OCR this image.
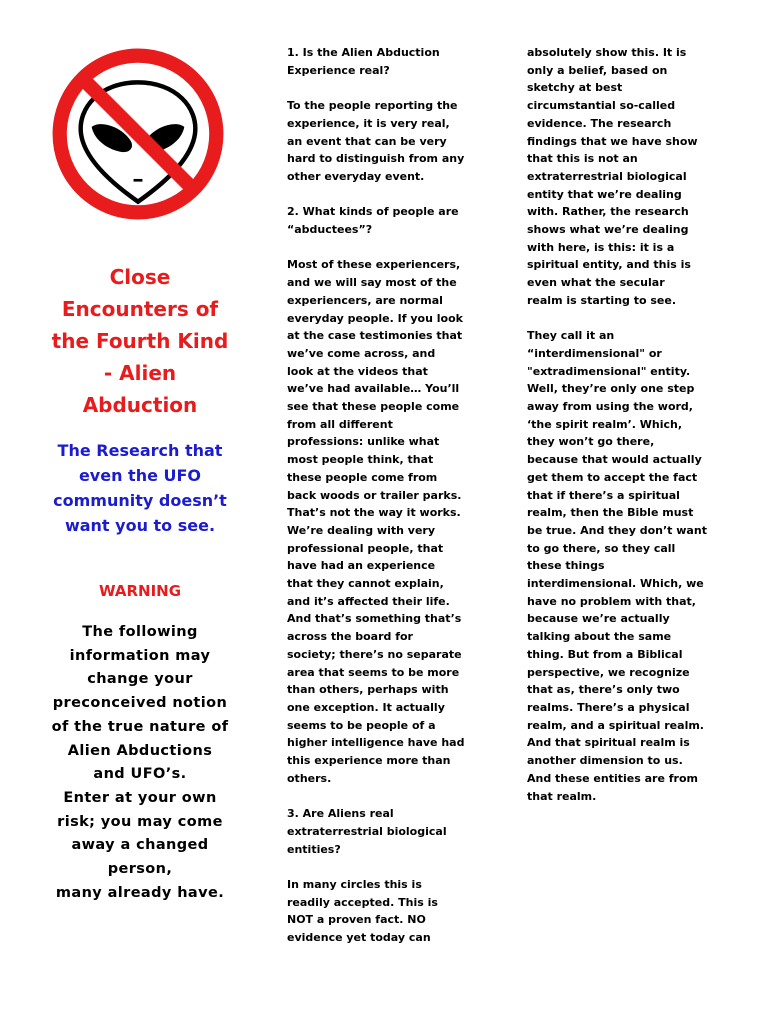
Close
Encounters of
the Fourth Kind
- Alien
Abduction
The Research that
even the UFO
community doesn’t
want you to see.
WARNING
The following
information may
change your
preconceived notion
of the true nature of
Alien Abductions
and UFO’s.
Enter at your own
risk; you may come
away a changed
person,
many already have.
1. Is the Alien Abduction
Experience real?
To the people reporting the
experience, it is very real,
an event that can be very
hard to distinguish from any
other everyday event.
2. What kinds of people are
“abductees”?
Most of these experiencers,
and we will say most of the
experiencers, are normal
everyday people. If you look
at the case testimonies that
we’ve come across, and
look at the videos that
we’ve had available… You’ll
see that these people come
from all different
professions: unlike what
most people think, that
these people come from
back woods or trailer parks.
That’s not the way it works.
We’re dealing with very
professional people, that
have had an experience
that they cannot explain,
and it’s affected their life.
And that’s something that’s
across the board for
society; there’s no separate
area that seems to be more
than others, perhaps with
one exception. It actually
seems to be people of a
higher intelligence have had
this experience more than
others.
3. Are Aliens real
extraterrestrial biological
entities?
In many circles this is
readily accepted. This is
NOT a proven fact. NO
evidence yet today can
absolutely show this. It is
only a belief, based on
sketchy at best
circumstantial so-called
evidence. The research
findings that we have show
that this is not an
extraterrestrial biological
entity that we’re dealing
with. Rather, the research
shows what we’re dealing
with here, is this: it is a
spiritual entity, and this is
even what the secular
realm is starting to see.
They call it an
“interdimensional" or
"extradimensional" entity.
Well, they’re only one step
away from using the word,
‘the spirit realm’. Which,
they won’t go there,
because that would actually
get them to accept the fact
that if there’s a spiritual
realm, then the Bible must
be true. And they don’t want
to go there, so they call
these things
interdimensional. Which, we
have no problem with that,
because we’re actually
talking about the same
thing. But from a Biblical
perspective, we recognize
that as, there’s only two
realms. There’s a physical
realm, and a spiritual realm.
And that spiritual realm is
another dimension to us.
And these entities are from
that realm.
